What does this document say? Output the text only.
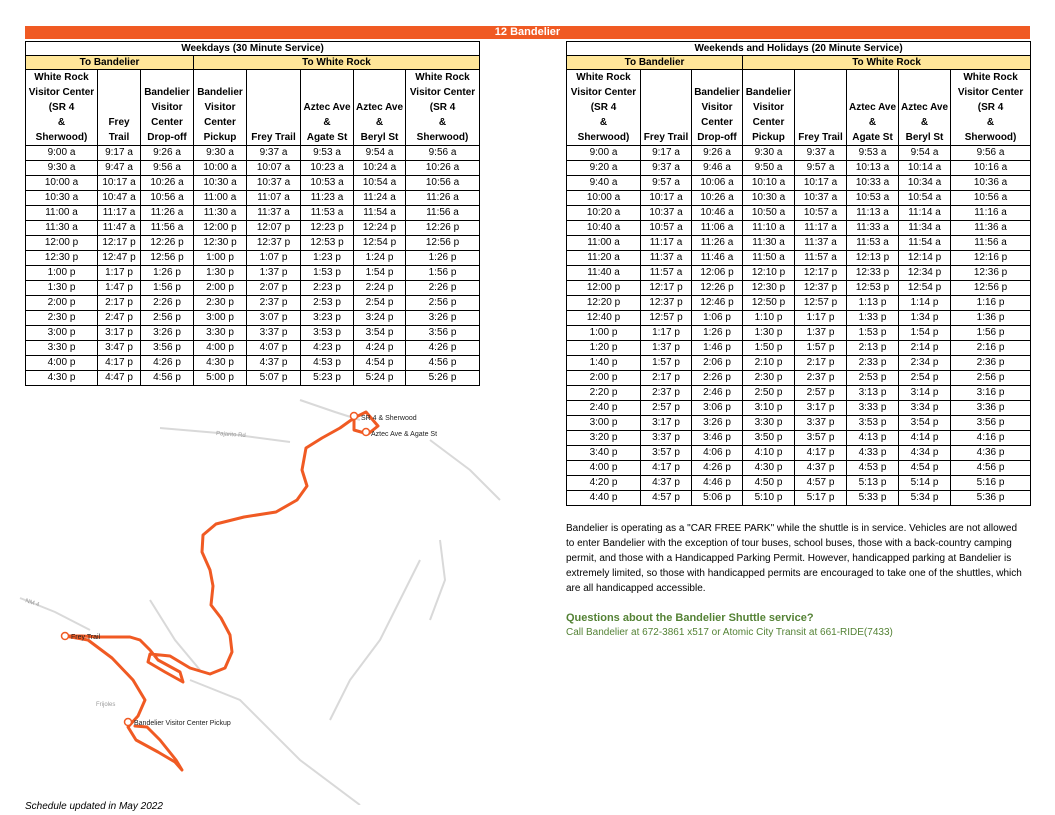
12 Bandelier
Weekdays (30 Minute Service)							
To Bandelier			To White Rock				
White Rock
Visitor Center
(SR 4
&
Sherwood)	Frey
Trail	Bandelier
Visitor
Center
Drop-off	Bandelier
Visitor
Center
Pickup	Frey Trail	Aztec Ave
&
Agate St	Aztec Ave
&
Beryl St	White Rock
Visitor Center
(SR 4
&
Sherwood)
9:00 a	9:17 a	9:26 a	9:30 a	9:37 a	9:53 a	9:54 a	9:56 a
9:30 a	9:47 a	9:56 a	10:00 a	10:07 a	10:23 a	10:24 a	10:26 a
10:00 a	10:17 a	10:26 a	10:30 a	10:37 a	10:53 a	10:54 a	10:56 a
10:30 a	10:47 a	10:56 a	11:00 a	11:07 a	11:23 a	11:24 a	11:26 a
11:00 a	11:17 a	11:26 a	11:30 a	11:37 a	11:53 a	11:54 a	11:56 a
11:30 a	11:47 a	11:56 a	12:00 p	12:07 p	12:23 p	12:24 p	12:26 p
12:00 p	12:17 p	12:26 p	12:30 p	12:37 p	12:53 p	12:54 p	12:56 p
12:30 p	12:47 p	12:56 p	1:00 p	1:07 p	1:23 p	1:24 p	1:26 p
1:00 p	1:17 p	1:26 p	1:30 p	1:37 p	1:53 p	1:54 p	1:56 p
1:30 p	1:47 p	1:56 p	2:00 p	2:07 p	2:23 p	2:24 p	2:26 p
2:00 p	2:17 p	2:26 p	2:30 p	2:37 p	2:53 p	2:54 p	2:56 p
2:30 p	2:47 p	2:56 p	3:00 p	3:07 p	3:23 p	3:24 p	3:26 p
3:00 p	3:17 p	3:26 p	3:30 p	3:37 p	3:53 p	3:54 p	3:56 p
3:30 p	3:47 p	3:56 p	4:00 p	4:07 p	4:23 p	4:24 p	4:26 p
4:00 p	4:17 p	4:26 p	4:30 p	4:37 p	4:53 p	4:54 p	4:56 p
4:30 p	4:47 p	4:56 p	5:00 p	5:07 p	5:23 p	5:24 p	5:26 p
Weekends and Holidays (20 Minute Service)							
To Bandelier			To White Rock				
White Rock
Visitor Center
(SR 4
&
Sherwood)	Frey Trail	Bandelier
Visitor
Center
Drop-off	Bandelier
Visitor
Center
Pickup	Frey Trail	Aztec Ave
&
Agate St	Aztec Ave
&
Beryl St	White Rock
Visitor Center
(SR 4
&
Sherwood)
9:00 a	9:17 a	9:26 a	9:30 a	9:37 a	9:53 a	9:54 a	9:56 a
9:20 a	9:37 a	9:46 a	9:50 a	9:57 a	10:13 a	10:14 a	10:16 a
9:40 a	9:57 a	10:06 a	10:10 a	10:17 a	10:33 a	10:34 a	10:36 a
10:00 a	10:17 a	10:26 a	10:30 a	10:37 a	10:53 a	10:54 a	10:56 a
10:20 a	10:37 a	10:46 a	10:50 a	10:57 a	11:13 a	11:14 a	11:16 a
10:40 a	10:57 a	11:06 a	11:10 a	11:17 a	11:33 a	11:34 a	11:36 a
11:00 a	11:17 a	11:26 a	11:30 a	11:37 a	11:53 a	11:54 a	11:56 a
11:20 a	11:37 a	11:46 a	11:50 a	11:57 a	12:13 p	12:14 p	12:16 p
11:40 a	11:57 a	12:06 p	12:10 p	12:17 p	12:33 p	12:34 p	12:36 p
12:00 p	12:17 p	12:26 p	12:30 p	12:37 p	12:53 p	12:54 p	12:56 p
12:20 p	12:37 p	12:46 p	12:50 p	12:57 p	1:13 p	1:14 p	1:16 p
12:40 p	12:57 p	1:06 p	1:10 p	1:17 p	1:33 p	1:34 p	1:36 p
1:00 p	1:17 p	1:26 p	1:30 p	1:37 p	1:53 p	1:54 p	1:56 p
1:20 p	1:37 p	1:46 p	1:50 p	1:57 p	2:13 p	2:14 p	2:16 p
1:40 p	1:57 p	2:06 p	2:10 p	2:17 p	2:33 p	2:34 p	2:36 p
2:00 p	2:17 p	2:26 p	2:30 p	2:37 p	2:53 p	2:54 p	2:56 p
2:20 p	2:37 p	2:46 p	2:50 p	2:57 p	3:13 p	3:14 p	3:16 p
2:40 p	2:57 p	3:06 p	3:10 p	3:17 p	3:33 p	3:34 p	3:36 p
3:00 p	3:17 p	3:26 p	3:30 p	3:37 p	3:53 p	3:54 p	3:56 p
3:20 p	3:37 p	3:46 p	3:50 p	3:57 p	4:13 p	4:14 p	4:16 p
3:40 p	3:57 p	4:06 p	4:10 p	4:17 p	4:33 p	4:34 p	4:36 p
4:00 p	4:17 p	4:26 p	4:30 p	4:37 p	4:53 p	4:54 p	4:56 p
4:20 p	4:37 p	4:46 p	4:50 p	4:57 p	5:13 p	5:14 p	5:16 p
4:40 p	4:57 p	5:06 p	5:10 p	5:17 p	5:33 p	5:34 p	5:36 p
SR 4 & Sherwood
Aztec Ave & Agate St
Frey Trail
Bandelier Visitor Center Pickup
Pajarito Rd
NM 4
Frijoles
Bandelier is operating as a "CAR FREE PARK" while the shuttle is in service. Vehicles are not allowed to enter Bandelier with the exception of tour buses, school buses, those with a back-country camping permit, and those with a Handicapped Parking Permit. However, handicapped parking at Bandelier is extremely limited, so those with handicapped permits are encouraged to take one of the shuttles, which are all handicapped accessible.
Questions about the Bandelier Shuttle service?
Call Bandelier at 672-3861 x517 or Atomic City Transit at 661-RIDE(7433)
Schedule updated in May 2022
